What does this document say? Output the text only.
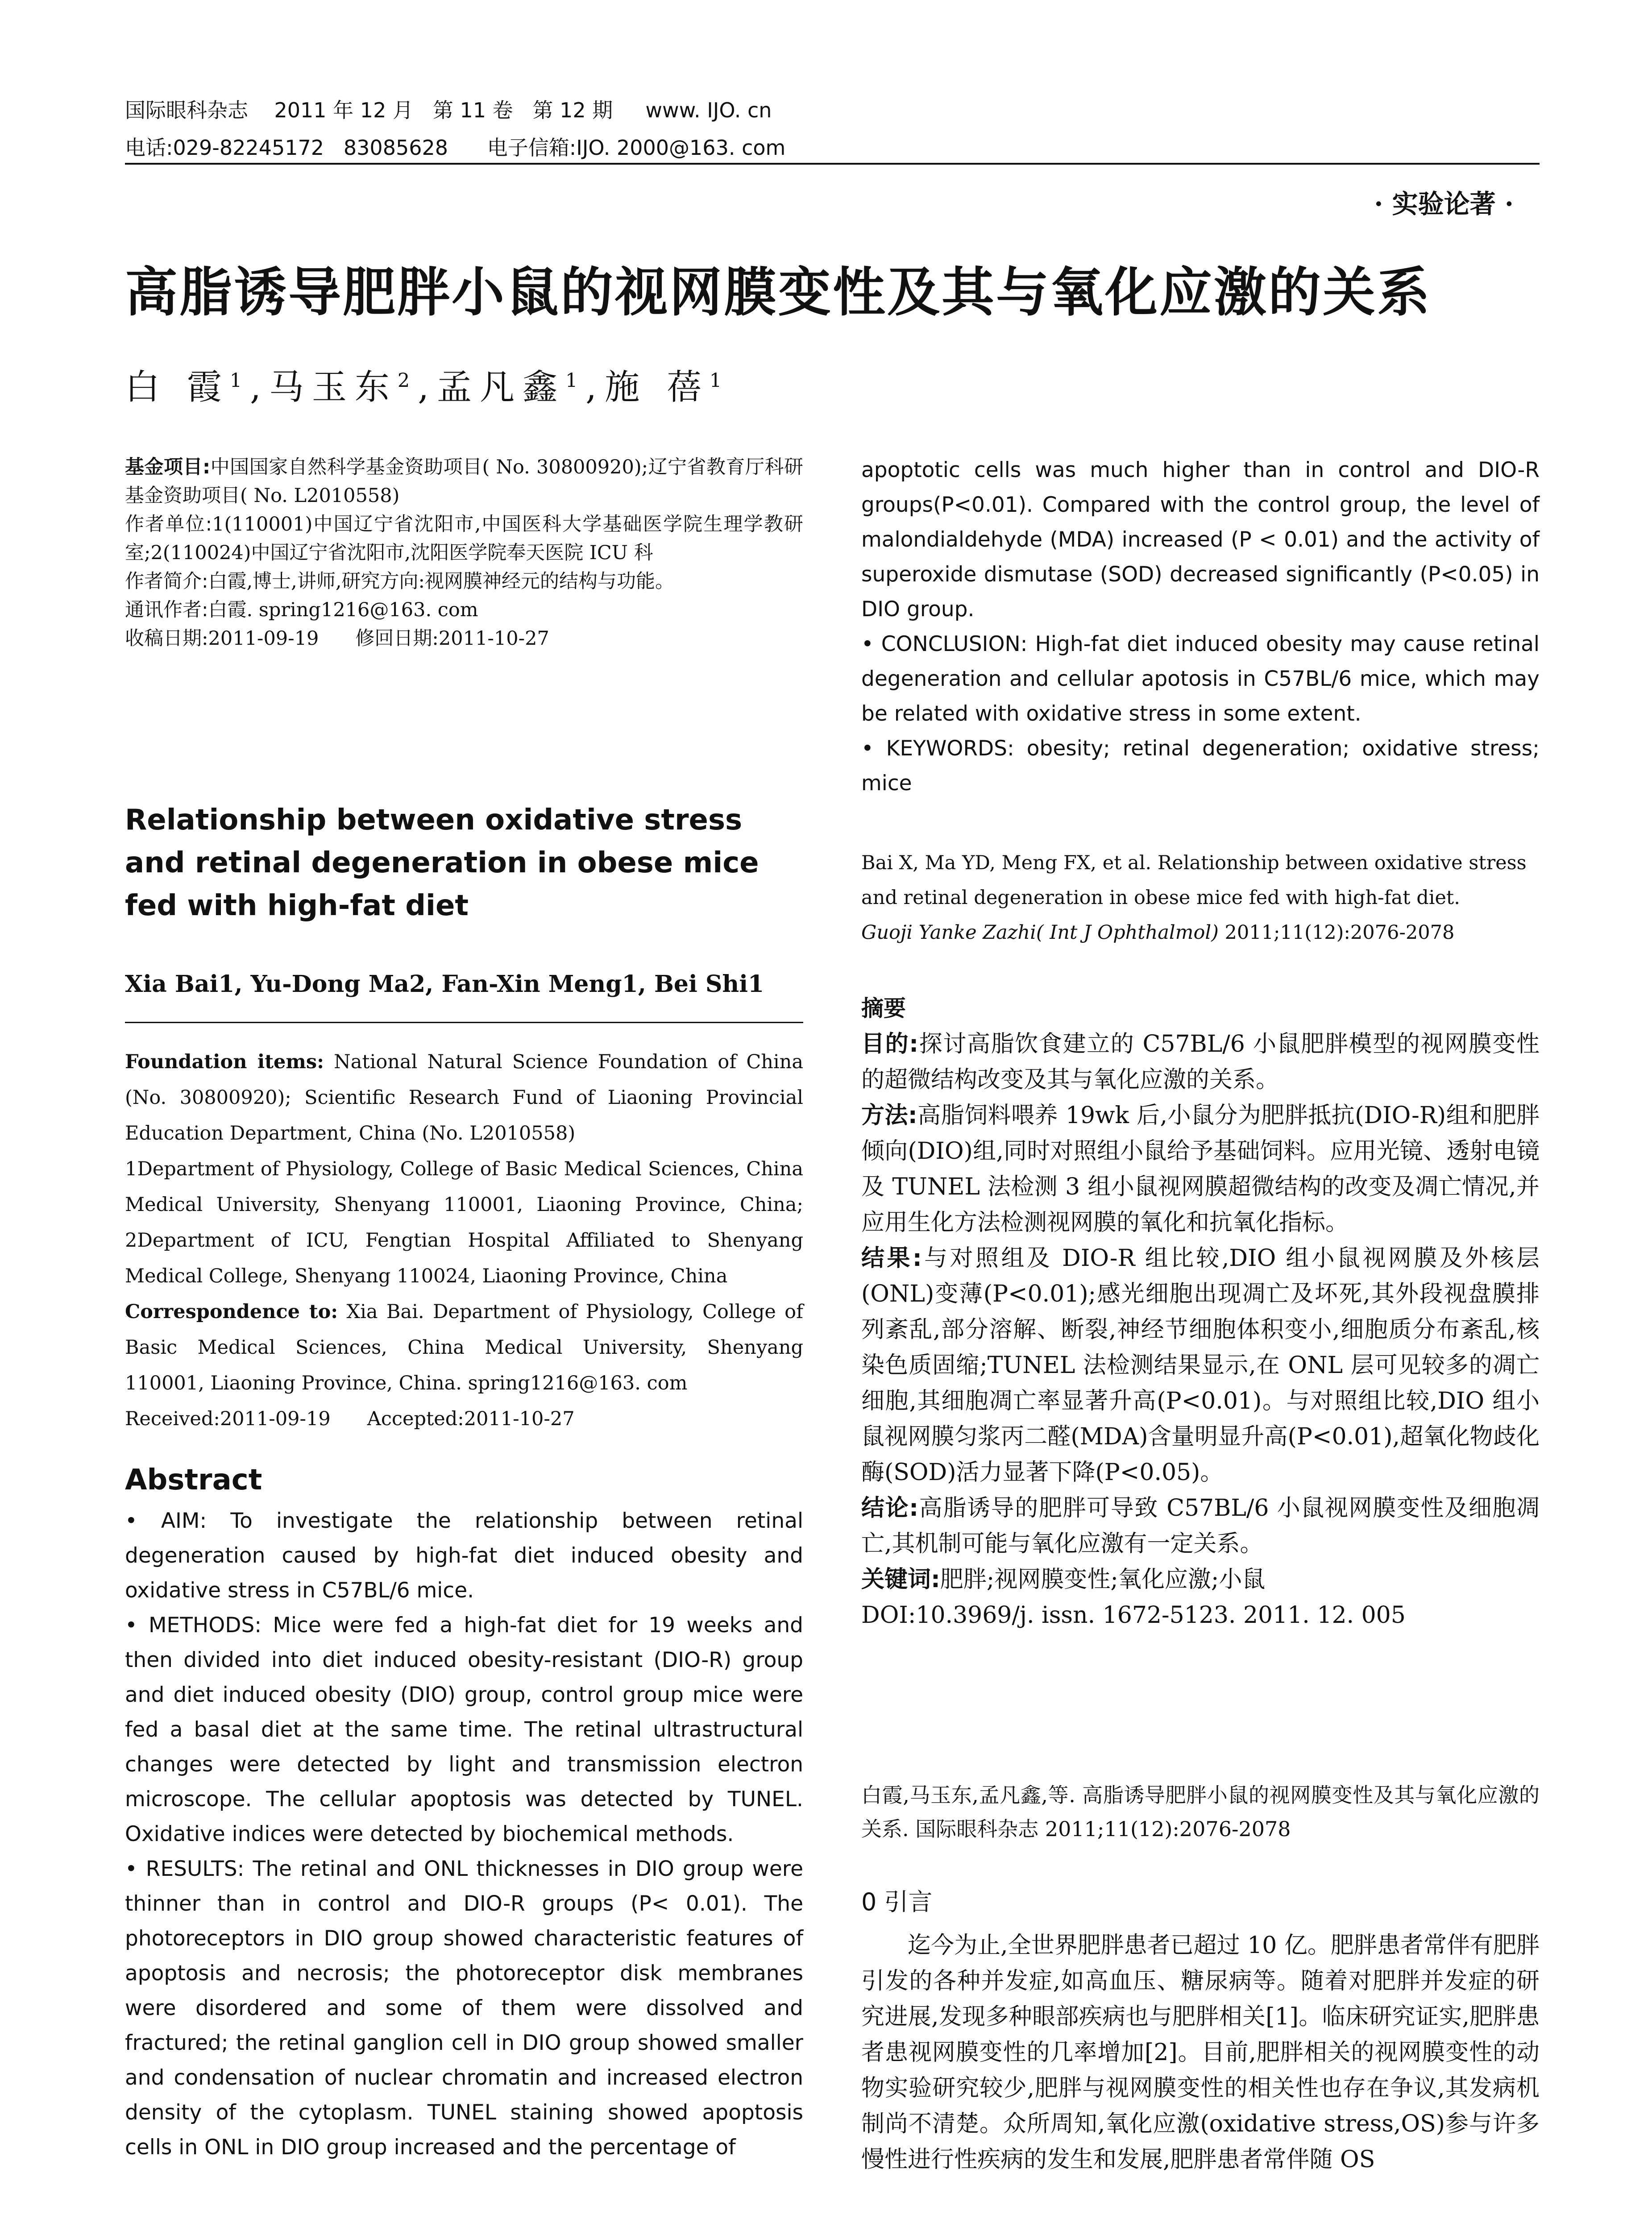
国际眼科杂志    2011 年 12 月   第 11 卷   第 12 期     www. IJO. cn
电话:029-82245172   83085628      电子信箱:IJO. 2000@163. com
· 实验论著 ·
高脂诱导肥胖小鼠的视网膜变性及其与氧化应激的关系
白 霞$^1$,马玉东$^2$,孟凡鑫$^1$,施 蓓$^1$

基金项目:中国国家自然科学基金资助项目( No. 30800920);辽宁省教育厅科研基金资助项目( No. L2010558)

作者单位:1(110001)中国辽宁省沈阳市,中国医科大学基础医学院生理学教研室;2(110024)中国辽宁省沈阳市,沈阳医学院奉天医院 ICU 科

作者简介:白霞,博士,讲师,研究方向:视网膜神经元的结构与功能。

通讯作者:白霞. spring1216@163. com

收稿日期:2011-09-19      修回日期:2011-10-27

Relationship between oxidative stress and retinal degeneration in obese mice fed with high-fat diet
Xia Bai1, Yu-Dong Ma2, Fan-Xin Meng1, Bei Shi1

Foundation items: National Natural Science Foundation of China (No. 30800920); Scientific Research Fund of Liaoning Provincial Education Department, China (No. L2010558)

1Department of Physiology, College of Basic Medical Sciences, China Medical University, Shenyang 110001, Liaoning Province, China; 2Department of ICU, Fengtian Hospital Affiliated to Shenyang Medical College, Shenyang 110024, Liaoning Province, China

Correspondence to: Xia Bai. Department of Physiology, College of Basic Medical Sciences, China Medical University, Shenyang 110001, Liaoning Province, China. spring1216@163. com

Received:2011-09-19      Accepted:2011-10-27

Abstract

• AIM: To investigate the relationship between retinal degeneration caused by high-fat diet induced obesity and oxidative stress in C57BL/6 mice.

• METHODS: Mice were fed a high-fat diet for 19 weeks and then divided into diet induced obesity-resistant (DIO-R) group and diet induced obesity (DIO) group, control group mice were fed a basal diet at the same time. The retinal ultrastructural changes were detected by light and transmission electron microscope. The cellular apoptosis was detected by TUNEL. Oxidative indices were detected by biochemical methods.

• RESULTS: The retinal and ONL thicknesses in DIO group were thinner than in control and DIO-R groups (P< 0.01). The photoreceptors in DIO group showed characteristic features of apoptosis and necrosis; the photoreceptor disk membranes were disordered and some of them were dissolved and fractured; the retinal ganglion cell in DIO group showed smaller and condensation of nuclear chromatin and increased electron density of the cytoplasm. TUNEL staining showed apoptosis cells in ONL in DIO group increased and the percentage of

apoptotic cells was much higher than in control and DIO-R groups(P<0.01). Compared with the control group, the level of malondialdehyde (MDA) increased (P < 0.01) and the activity of superoxide dismutase (SOD) decreased significantly (P<0.05) in DIO group.

• CONCLUSION: High-fat diet induced obesity may cause retinal degeneration and cellular apotosis in C57BL/6 mice, which may be related with oxidative stress in some extent.

• KEYWORDS: obesity; retinal degeneration; oxidative stress; mice

Bai X, Ma YD, Meng FX, et al. Relationship between oxidative stress and retinal degeneration in obese mice fed with high-fat diet.

Guoji Yanke Zazhi( Int J Ophthalmol) 2011;11(12):2076-2078

摘要

目的:探讨高脂饮食建立的 C57BL/6 小鼠肥胖模型的视网膜变性的超微结构改变及其与氧化应激的关系。

方法:高脂饲料喂养 19wk 后,小鼠分为肥胖抵抗(DIO-R)组和肥胖倾向(DIO)组,同时对照组小鼠给予基础饲料。应用光镜、透射电镜及 TUNEL 法检测 3 组小鼠视网膜超微结构的改变及凋亡情况,并应用生化方法检测视网膜的氧化和抗氧化指标。

结果:与对照组及 DIO-R 组比较,DIO 组小鼠视网膜及外核层(ONL)变薄(P<0.01);感光细胞出现凋亡及坏死,其外段视盘膜排列紊乱,部分溶解、断裂,神经节细胞体积变小,细胞质分布紊乱,核染色质固缩;TUNEL 法检测结果显示,在 ONL 层可见较多的凋亡细胞,其细胞凋亡率显著升高(P<0.01)。与对照组比较,DIO 组小鼠视网膜匀浆丙二醛(MDA)含量明显升高(P<0.01),超氧化物歧化酶(SOD)活力显著下降(P<0.05)。

结论:高脂诱导的肥胖可导致 C57BL/6 小鼠视网膜变性及细胞凋亡,其机制可能与氧化应激有一定关系。

关键词:肥胖;视网膜变性;氧化应激;小鼠

DOI:10.3969/j. issn. 1672-5123. 2011. 12. 005

白霞,马玉东,孟凡鑫,等. 高脂诱导肥胖小鼠的视网膜变性及其与氧化应激的关系. 国际眼科杂志 2011;11(12):2076-2078
0 引言
迄今为止,全世界肥胖患者已超过 10 亿。肥胖患者常伴有肥胖引发的各种并发症,如高血压、糖尿病等。随着对肥胖并发症的研究进展,发现多种眼部疾病也与肥胖相关[1]。临床研究证实,肥胖患者患视网膜变性的几率增加[2]。目前,肥胖相关的视网膜变性的动物实验研究较少,肥胖与视网膜变性的相关性也存在争议,其发病机制尚不清楚。众所周知,氧化应激(oxidative stress,OS)参与许多慢性进行性疾病的发生和发展,肥胖患者常伴随 OS
